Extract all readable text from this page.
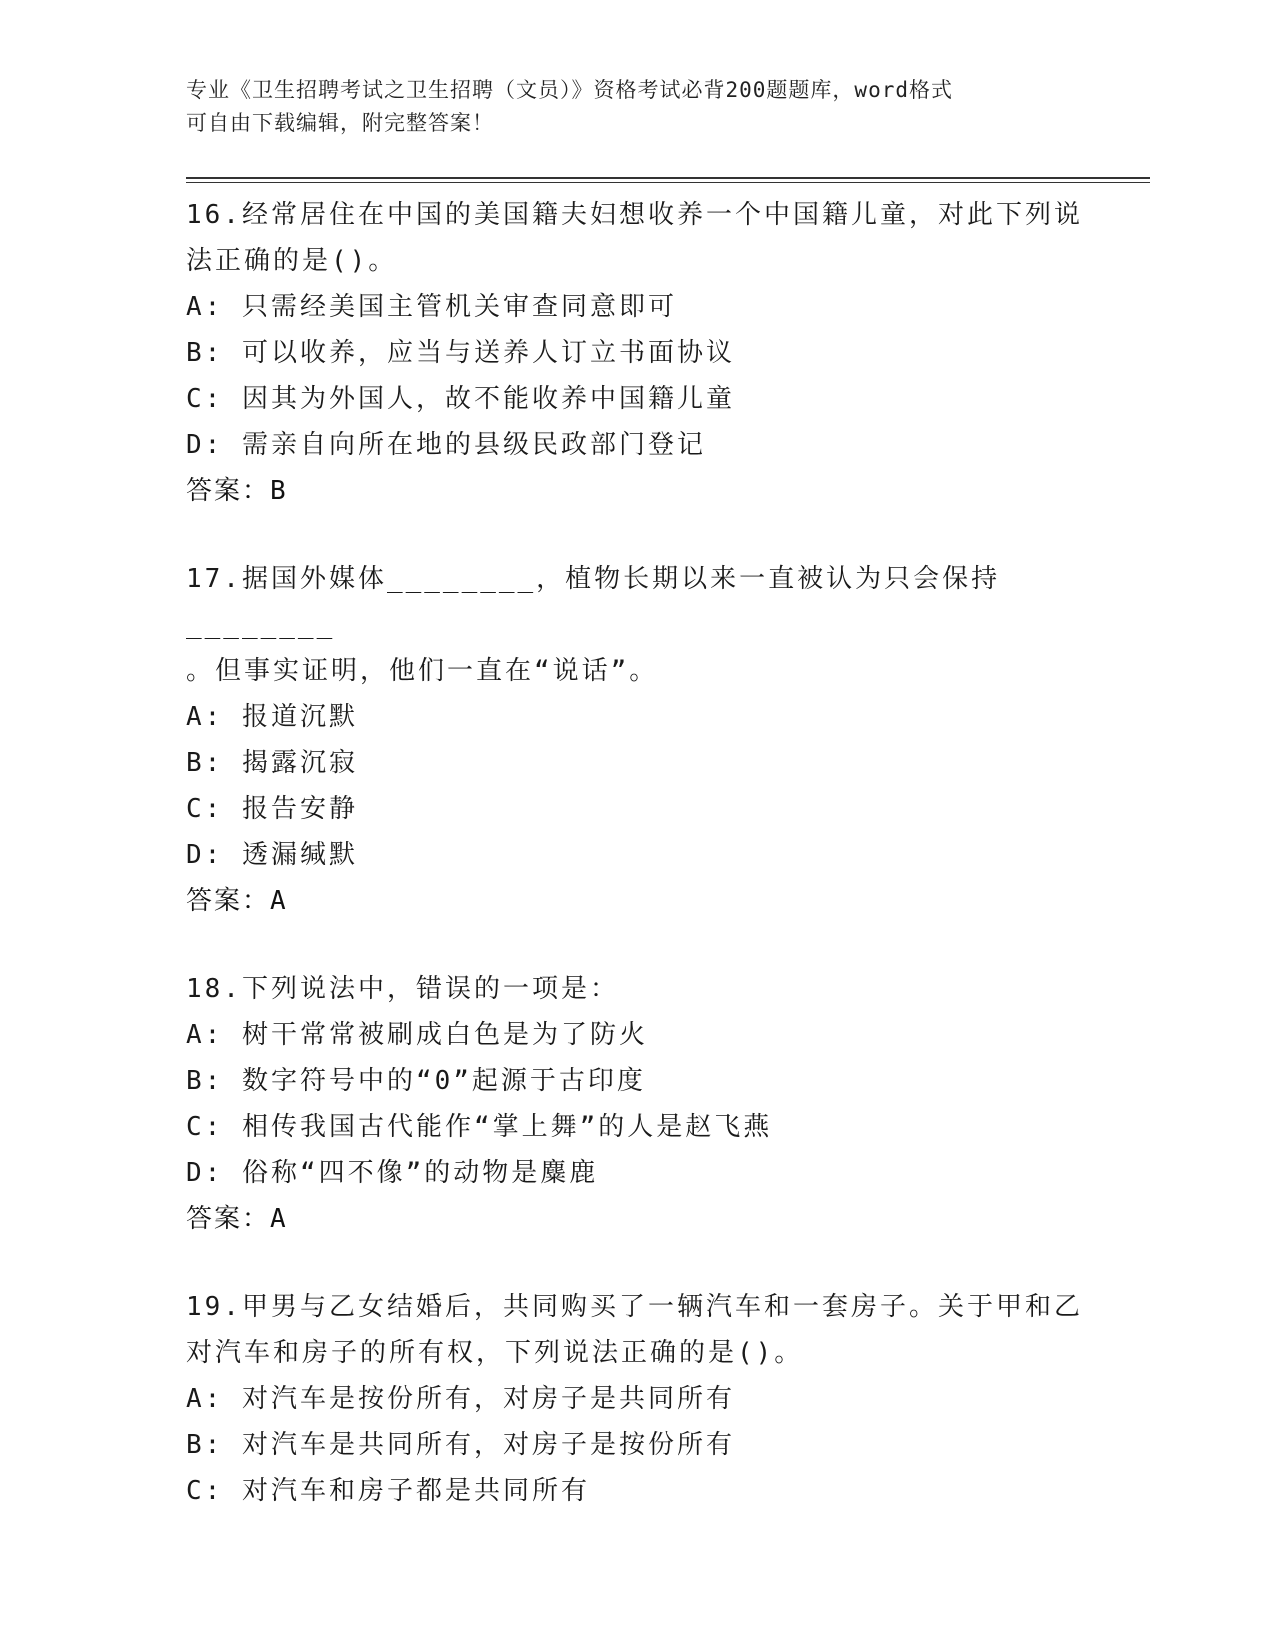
专业《卫生招聘考试之卫生招聘（文员）》资格考试必背200题题库，word格式
可自由下载编辑，附完整答案！
16.经常居住在中国的美国籍夫妇想收养一个中国籍儿童，对此下列说
法正确的是()。
A: 只需经美国主管机关审查同意即可
B: 可以收养，应当与送养人订立书面协议
C: 因其为外国人，故不能收养中国籍儿童
D: 需亲自向所在地的县级民政部门登记
答案：B
17.据国外媒体________，植物长期以来一直被认为只会保持________
。但事实证明，他们一直在“说话”。
A: 报道沉默
B: 揭露沉寂
C: 报告安静
D: 透漏缄默
答案：A
18.下列说法中，错误的一项是：
A: 树干常常被刷成白色是为了防火
B: 数字符号中的“0”起源于古印度
C: 相传我国古代能作“掌上舞”的人是赵飞燕
D: 俗称“四不像”的动物是麋鹿
答案：A
19.甲男与乙女结婚后，共同购买了一辆汽车和一套房子。关于甲和乙
对汽车和房子的所有权，下列说法正确的是()。
A: 对汽车是按份所有，对房子是共同所有
B: 对汽车是共同所有，对房子是按份所有
C: 对汽车和房子都是共同所有
